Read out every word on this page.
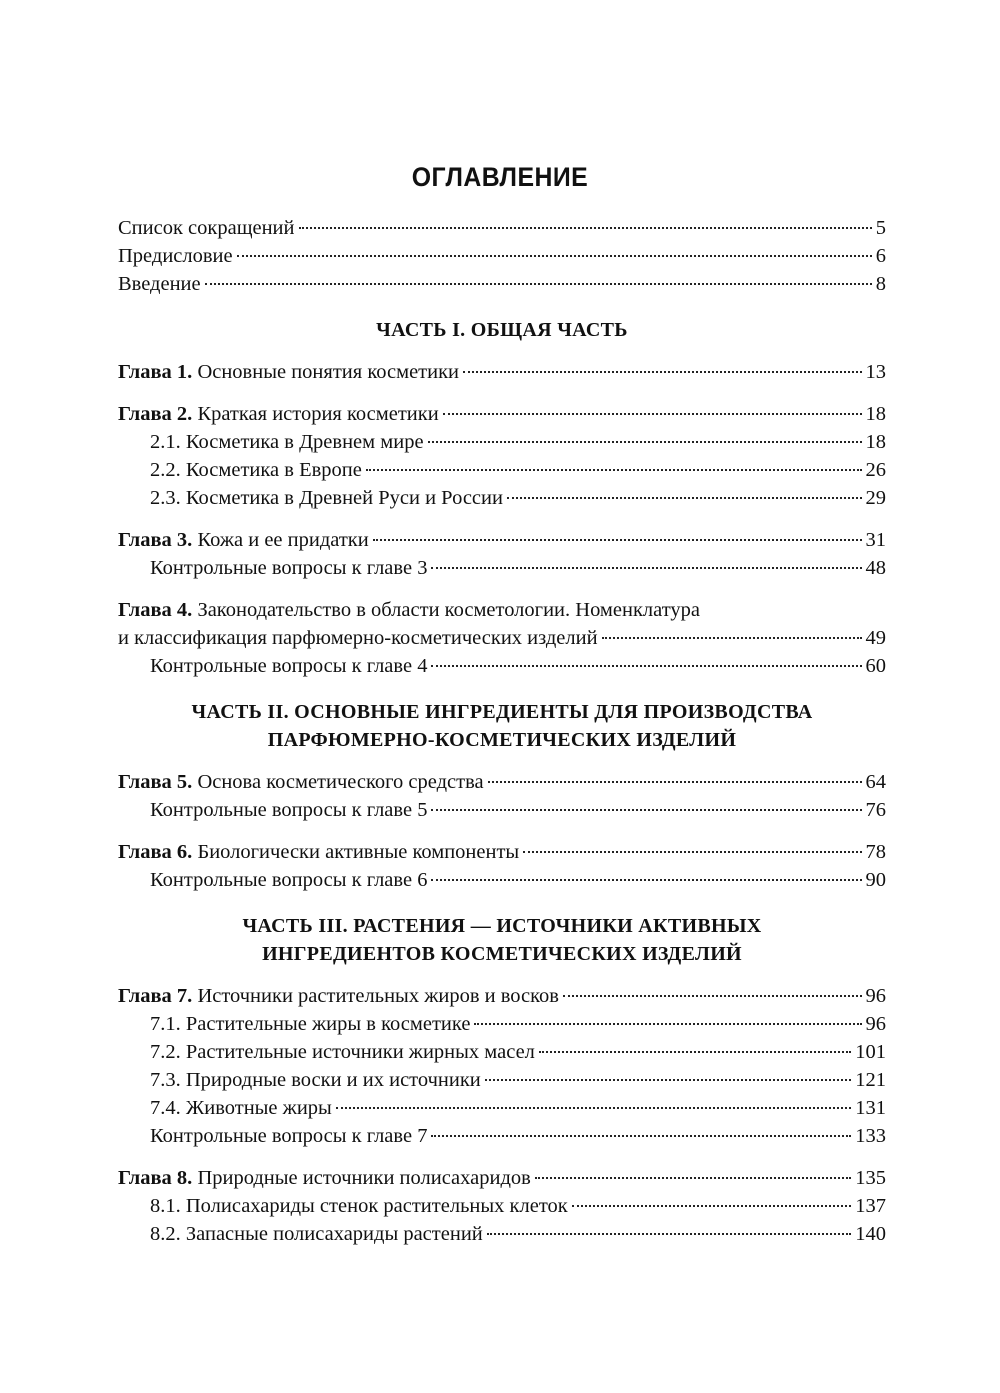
ОГЛАВЛЕНИЕ
Список сокращений	5
Предисловие	6
Введение	8
ЧАСТЬ I. ОБЩАЯ ЧАСТЬ
Глава 1. Основные понятия косметики	13
Глава 2. Краткая история косметики	18
2.1. Косметика в Древнем мире	18
2.2. Косметика в Европе	26
2.3. Косметика в Древней Руси и России	29
Глава 3. Кожа и ее придатки	31
Контрольные вопросы к главе 3	48
Глава 4. Законодательство в области косметологии. Номенклатура
и классификация парфюмерно-косметических изделий	49
Контрольные вопросы к главе 4	60
ЧАСТЬ II. ОСНОВНЫЕ ИНГРЕДИЕНТЫ ДЛЯ ПРОИЗВОДСТВА
ПАРФЮМЕРНО-КОСМЕТИЧЕСКИХ ИЗДЕЛИЙ
Глава 5. Основа косметического средства	64
Контрольные вопросы к главе 5	76
Глава 6. Биологически активные компоненты	78
Контрольные вопросы к главе 6	90
ЧАСТЬ III. РАСТЕНИЯ — ИСТОЧНИКИ АКТИВНЫХ
ИНГРЕДИЕНТОВ КОСМЕТИЧЕСКИХ ИЗДЕЛИЙ
Глава 7. Источники растительных жиров и восков	96
7.1. Растительные жиры в косметике	96
7.2. Растительные источники жирных масел	101
7.3. Природные воски и их источники	121
7.4. Животные жиры	131
Контрольные вопросы к главе 7	133
Глава 8. Природные источники полисахаридов	135
8.1. Полисахариды стенок растительных клеток	137
8.2. Запасные полисахариды растений	140
